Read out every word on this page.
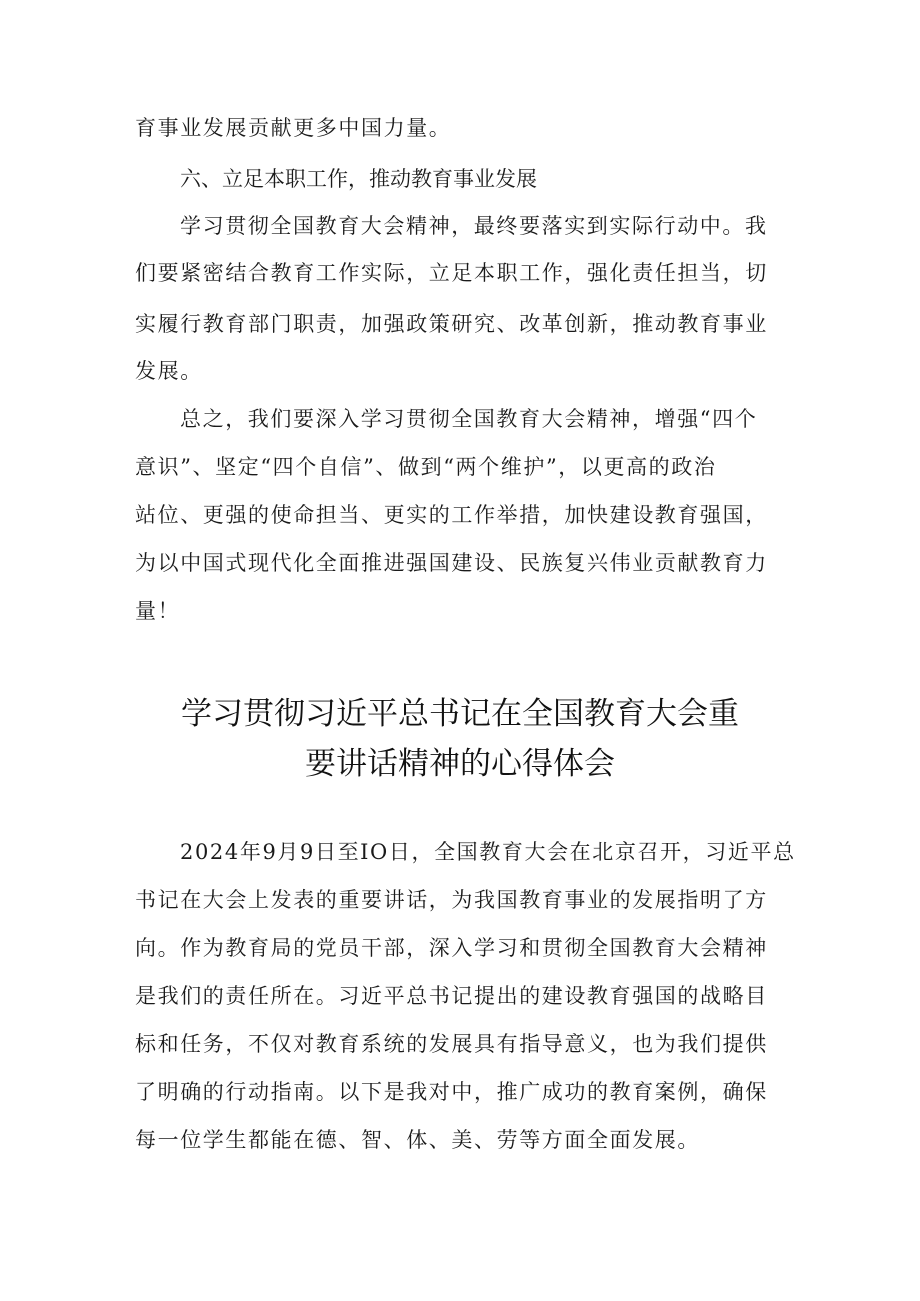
育事业发展贡献更多中国力量。
六、立足本职工作，推动教育事业发展
学习贯彻全国教育大会精神，最终要落实到实际行动中。我
们要紧密结合教育工作实际，立足本职工作，强化责任担当，切
实履行教育部门职责，加强政策研究、改革创新，推动教育事业
发展。
总之，我们要深入学习贯彻全国教育大会精神，增强“四个
意识”、坚定“四个自信”、做到“两个维护”，以更高的政治
站位、更强的使命担当、更实的工作举措，加快建设教育强国，
为以中国式现代化全面推进强国建设、民族复兴伟业贡献教育力
量！
学习贯彻习近平总书记在全国教育大会重
要讲话精神的心得体会
2024年9月9日至IO日，全国教育大会在北京召开，习近平总
书记在大会上发表的重要讲话，为我国教育事业的发展指明了方
向。作为教育局的党员干部，深入学习和贯彻全国教育大会精神
是我们的责任所在。习近平总书记提出的建设教育强国的战略目
标和任务，不仅对教育系统的发展具有指导意义，也为我们提供
了明确的行动指南。以下是我对中，推广成功的教育案例，确保
每一位学生都能在德、智、体、美、劳等方面全面发展。
